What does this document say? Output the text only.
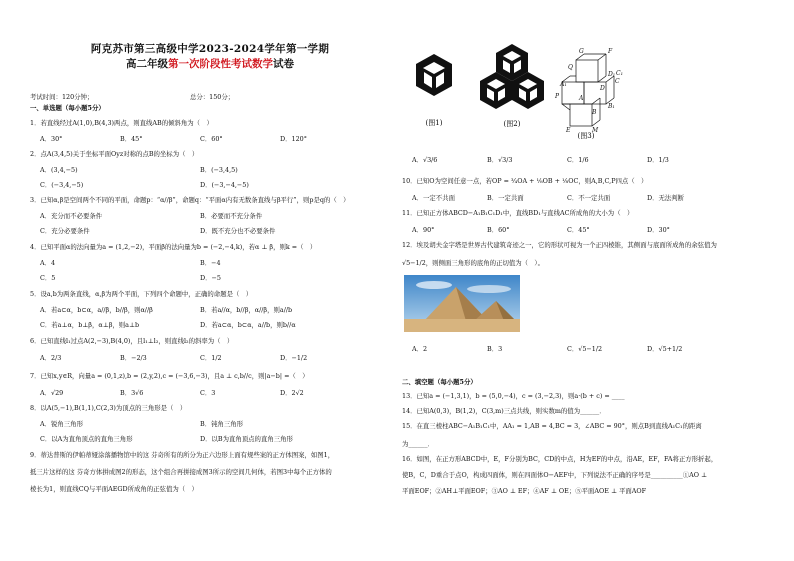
阿克苏市第三高级中学2023-2024学年第一学期
高二年级第一次阶段性考试数学试卷
考试时间：120分钟；	总分：150分；
一、单选题（每小题5分）
1．若直线经过A(1,0),B(4,3)两点，则直线AB的倾斜角为（　）
A．30°	B．45°	C．60°	D．120°
2．点A(3,4,5)关于坐标平面Oyz对称的点B的坐标为（　）
A．(3,4,−5)	B．(−3,4,5)
C．(−3,4,−5)	D．(−3,−4,−5)
3．已知α,β是空间两个不同的平面，命题p：“α//β”，命题q：“平面α内有无数条直线与β平行”，则p是q的（　）
A．充分而不必要条件	B．必要而不充分条件
C．充分必要条件	D．既不充分也不必要条件
4．已知平面α的法向量为a = (1,2,−2)，平面β的法向量为b = (−2,−4,k)，若α ⊥ β，则k =（　）
A．4	B．−4
C．5	D．−5
5．设a,b为两条直线，α,β为两个平面，下列四个命题中，正确的命题是（　）
A．若a⊂α，b⊂α，a//β，b//β，则α//β	B．若a//α，b//β，α//β，则a//b
C．若a⊥α，b⊥β，α⊥β，则a⊥b	D．若a⊂α，b⊂α，a//b，则b//α
6．已知直线l₁过点A(2,−3),B(4,0)，且l₁⊥l₂，则直线l₂的斜率为（　）
A．2/3	B．−2/3	C．1/2	D．−1/2
7．已知x,y∈R，向量a = (0,1,z),b = (2,y,2),c = (−3,6,−3)，且a ⊥ c,b//c，则|a−b| =（　）
A．√29	B．3√6	C．3	D．2√2
8．以A(5,−1),B(1,1),C(2,3)为顶点的三角形是（　）
A．锐角三角形	B．钝角三角形
C．以A为直角顶点的直角三角形	D．以B为直角顶点的直角三角形
9．蒂达普斯的伊帕蒂娅涂落播物馆中的这 芬奇所有的所分为正六边形上面有规些案的正方体图案，如图1，
抵三片这样的这 芬奇方体拼成图2的形态，这个组合再拼接成图3所示的空间几何体，若图3中每个正方体的
棱长为1，则直线CQ与平面AEGD所成角的正弦值为（　）
(图1)	(图2)
G
Q
F
D
C
D₁ C₁
P	A
B₁
B
E	M
A₁
(图3)
A．√3/6	B．√3/3	C．1/6	D．1/3
10．已知O为空间任意一点，若OP = ³⁄₄OA + ¹⁄₈OB + ¹⁄₈OC，则A,B,C,P四点（　）
A．一定不共面	B．一定共面	C．不一定共面	D．无法判断
11．已知正方体ABCD−A₁B₁C₁D₁中，直线BD₁与直线AC所成角的大小为（　）
A．90°	B．60°	C．45°	D．30°
12．埃及胡夫金字塔是世界古代建筑奇迹之一，它的形状可视为一个正四棱锥，其侧面与底面所成角的余弦值为
√5−1/2，则侧面三角形的底角的正切值为（　）。
A．2	B．3	C．√5−1/2	D．√5+1/2
二、填空题（每小题5分）
13．已知a = (−1,3,1)，b = (5,0,−4)，c = (3,−2,3)，则a·(b + c) = ____
14．已知A(0,3)，B(1,2)，C(3,m)三点共线，则实数m的值为______．
15．在直三棱柱ABC−A₁B₁C₁中，AA₁ = 1,AB = 4,BC = 3，∠ABC = 90°，则点B到直线A₁C₁的距离
为______．
16．如图，在正方形ABCD中，E，F分别为BC，CD的中点，H为EF的中点，沿AE，EF，FA将正方形折起，
使B，C，D重合于点O，构成四面体，则在四面体O−AEF中，下列说法不正确的序号是__________①AO ⊥
平面EOF；②AH⊥平面EOF；③AO ⊥ EF；④AF ⊥ OE；⑤平面AOE ⊥ 平面AOF
